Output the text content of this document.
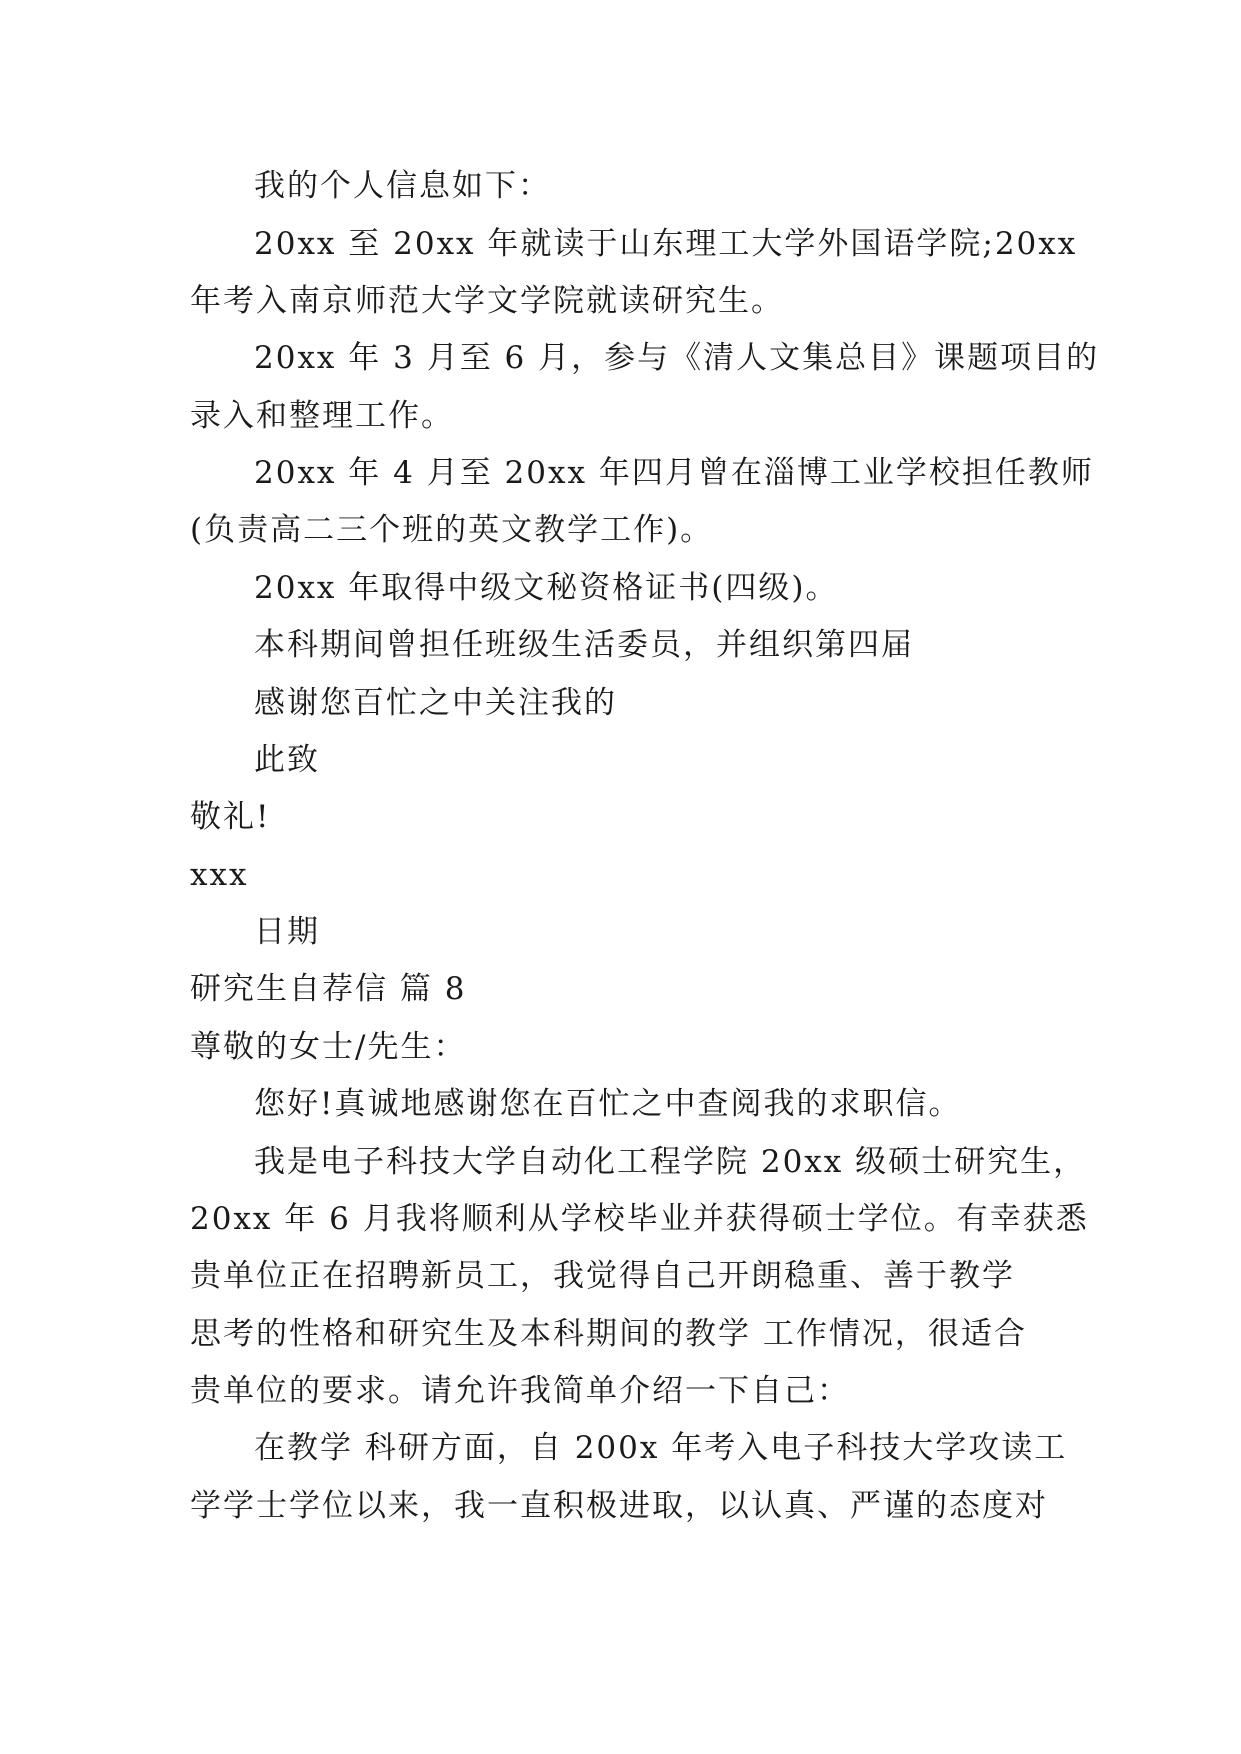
我的个人信息如下：
20xx 至 20xx 年就读于山东理工大学外国语学院;20xx
年考入南京师范大学文学院就读研究生。
20xx 年 3 月至 6 月，参与《清人文集总目》课题项目的
录入和整理工作。
20xx 年 4 月至 20xx 年四月曾在淄博工业学校担任教师
(负责高二三个班的英文教学工作)。
20xx 年取得中级文秘资格证书(四级)。
本科期间曾担任班级生活委员，并组织第四届
感谢您百忙之中关注我的
此致
敬礼!
xxx
日期
研究生自荐信 篇 8
尊敬的女士/先生：
您好!真诚地感谢您在百忙之中查阅我的求职信。
我是电子科技大学自动化工程学院 20xx 级硕士研究生，
20xx 年 6 月我将顺利从学校毕业并获得硕士学位。有幸获悉
贵单位正在招聘新员工，我觉得自己开朗稳重、善于教学
思考的性格和研究生及本科期间的教学 工作情况，很适合
贵单位的要求。请允许我简单介绍一下自己：
在教学 科研方面，自 200x 年考入电子科技大学攻读工
学学士学位以来，我一直积极进取，以认真、严谨的态度对
